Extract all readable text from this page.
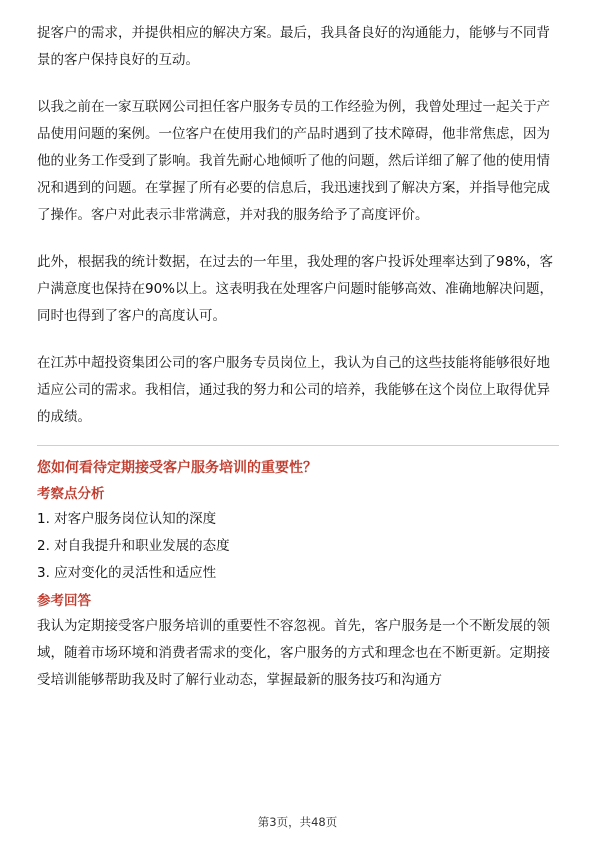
捉客户的需求，并提供相应的解决方案。最后，我具备良好的沟通能力，能够与不同背景的客户保持良好的互动。

以我之前在一家互联网公司担任客户服务专员的工作经验为例，我曾处理过一起关于产品使用问题的案例。一位客户在使用我们的产品时遇到了技术障碍，他非常焦虑，因为他的业务工作受到了影响。我首先耐心地倾听了他的问题，然后详细了解了他的使用情况和遇到的问题。在掌握了所有必要的信息后，我迅速找到了解决方案，并指导他完成了操作。客户对此表示非常满意，并对我的服务给予了高度评价。

此外，根据我的统计数据，在过去的一年里，我处理的客户投诉处理率达到了98%，客户满意度也保持在90%以上。这表明我在处理客户问题时能够高效、准确地解决问题，同时也得到了客户的高度认可。

在江苏中超投资集团公司的客户服务专员岗位上，我认为自己的这些技能将能够很好地适应公司的需求。我相信，通过我的努力和公司的培养，我能够在这个岗位上取得优异的成绩。

您如何看待定期接受客户服务培训的重要性？

考察点分析

1. 对客户服务岗位认知的深度

2. 对自我提升和职业发展的态度

3. 应对变化的灵活性和适应性

参考回答

我认为定期接受客户服务培训的重要性不容忽视。首先，客户服务是一个不断发展的领域，随着市场环境和消费者需求的变化，客户服务的方式和理念也在不断更新。定期接受培训能够帮助我及时了解行业动态，掌握最新的服务技巧和沟通方

第3页，共48页
